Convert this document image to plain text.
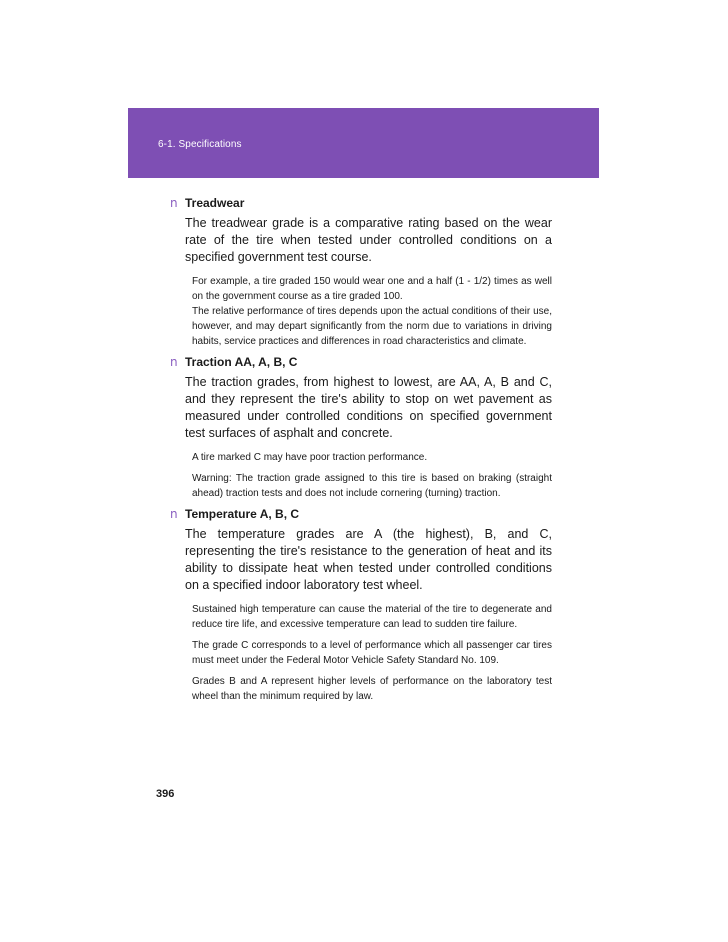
6-1. Specifications
n Treadwear

The treadwear grade is a comparative rating based on the wear rate of the tire when tested under controlled conditions on a specified government test course.

For example, a tire graded 150 would wear one and a half (1 - 1/2) times as well on the government course as a tire graded 100.

The relative performance of tires depends upon the actual conditions of their use, however, and may depart significantly from the norm due to variations in driving habits, service practices and differences in road characteristics and climate.

n Traction AA, A, B, C

The traction grades, from highest to lowest, are AA, A, B and C, and they represent the tire's ability to stop on wet pavement as measured under controlled conditions on specified government test surfaces of asphalt and concrete.

A tire marked C may have poor traction performance.

Warning: The traction grade assigned to this tire is based on braking (straight ahead) traction tests and does not include cornering (turning) traction.

n Temperature A, B, C

The temperature grades are A (the highest), B, and C, representing the tire's resistance to the generation of heat and its ability to dissipate heat when tested under controlled conditions on a specified indoor laboratory test wheel.

Sustained high temperature can cause the material of the tire to degenerate and reduce tire life, and excessive temperature can lead to sudden tire failure.

The grade C corresponds to a level of performance which all passenger car tires must meet under the Federal Motor Vehicle Safety Standard No. 109.

Grades B and A represent higher levels of performance on the laboratory test wheel than the minimum required by law.

396
